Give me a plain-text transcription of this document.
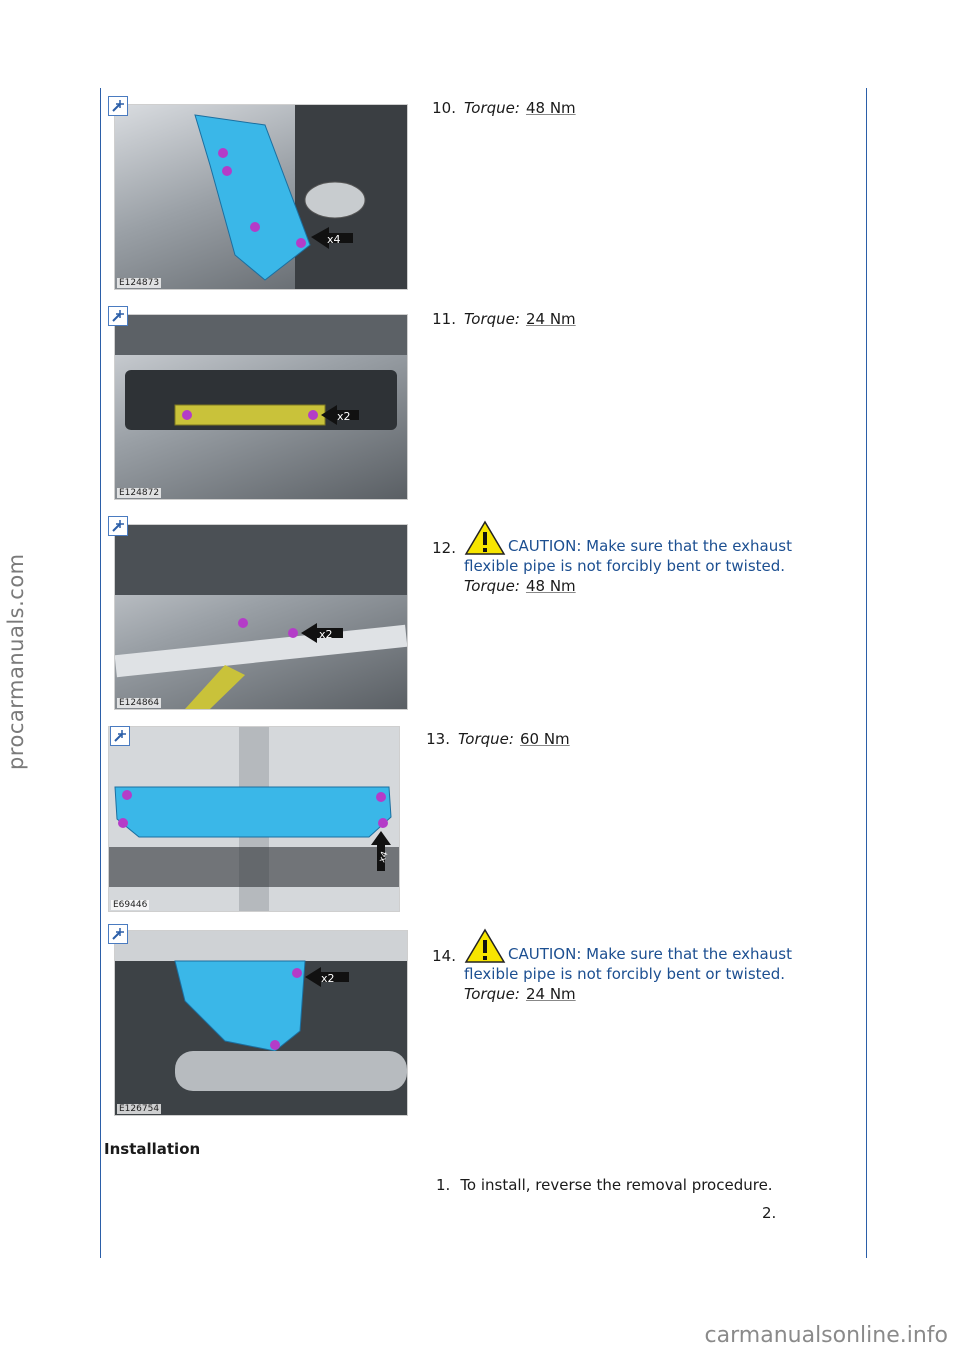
procarmanuals.com
carmanualsonline.info
x4
E124873
10. Torque: 48 Nm
x2
E124872
11. Torque: 24 Nm
x2
E124864
12.	CAUTION: Make sure that the exhaust
flexible pipe is not forcibly bent or twisted.
Torque: 48 Nm
x4
E69446
13. Torque: 60 Nm
x2
E126754
14.	CAUTION: Make sure that the exhaust
flexible pipe is not forcibly bent or twisted.
Torque: 24 Nm
Installation
1. To install, reverse the removal procedure.
2.
